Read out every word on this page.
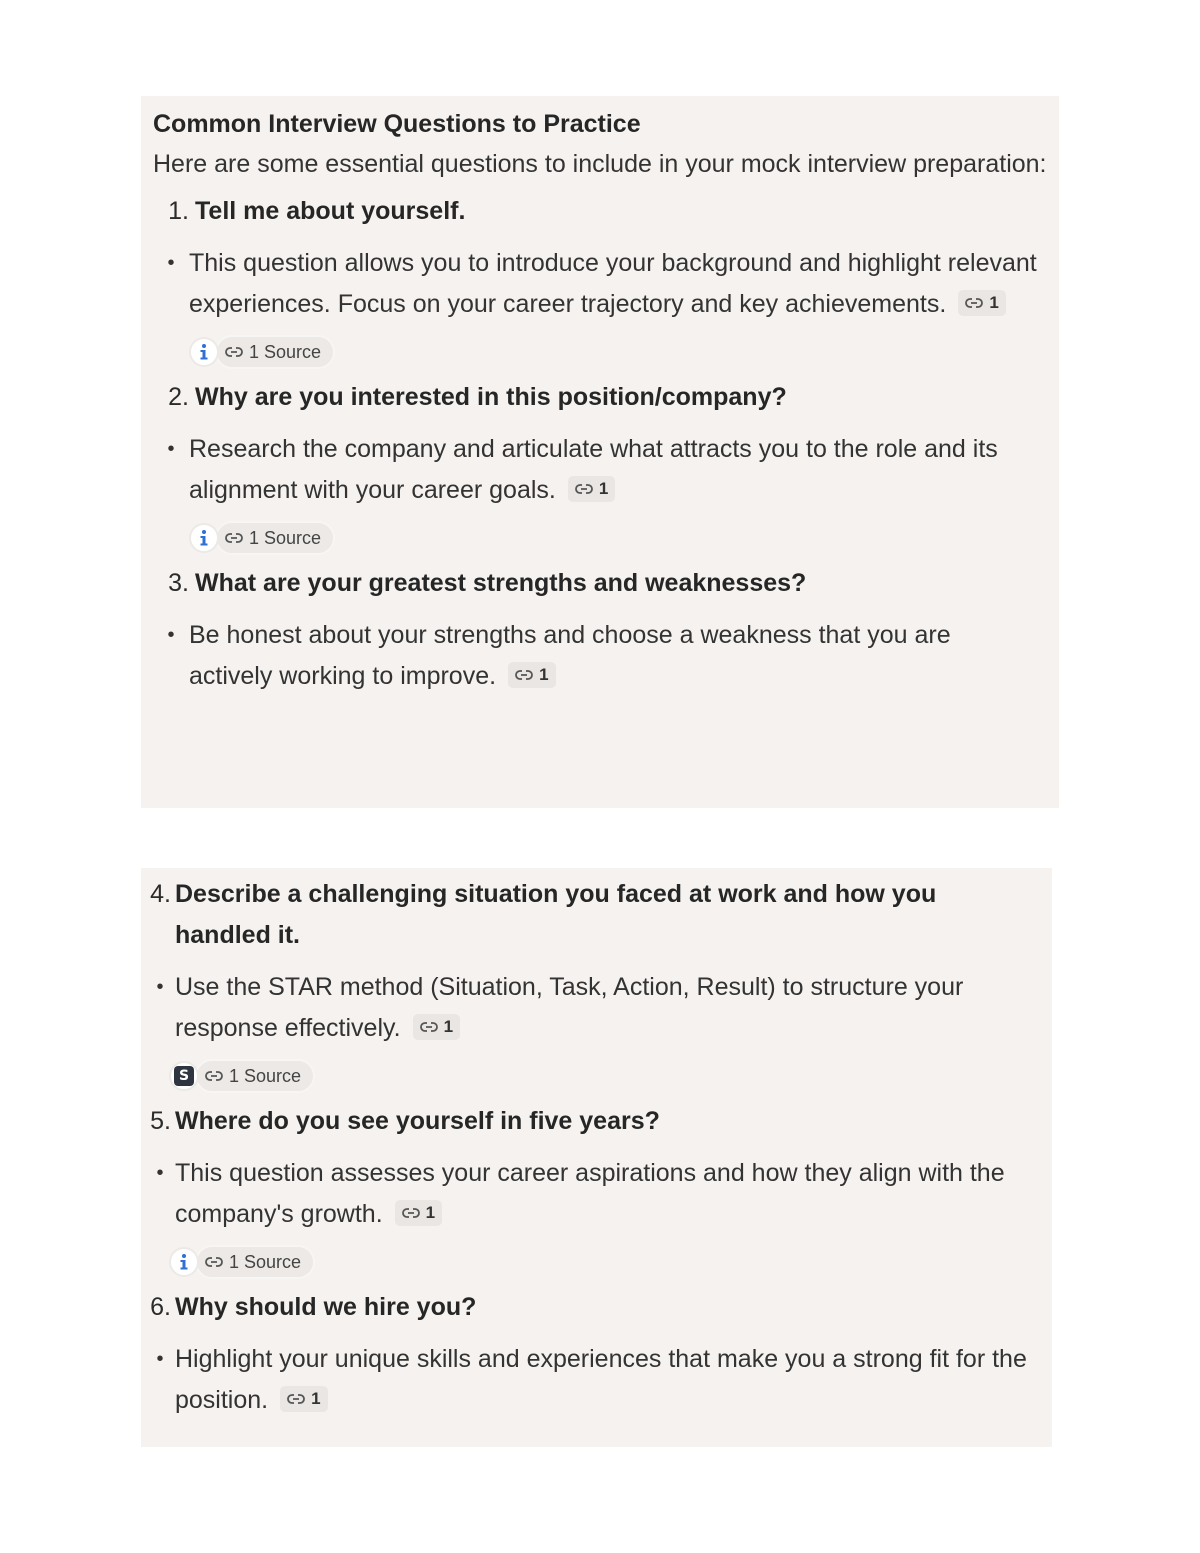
Common Interview Questions to Practice

Here are some essential questions to include in your mock interview preparation:

1. Tell me about yourself.
• This question allows you to introduce your background and highlight relevant experiences. Focus on your career trajectory and key achievements.	1
1 Source
2. Why are you interested in this position/company?
• Research the company and articulate what attracts you to the role and its alignment with your career goals.	1
1 Source
3. What are your greatest strengths and weaknesses?
• Be honest about your strengths and choose a weakness that you are actively working to improve.	1
4. Describe a challenging situation you faced at work and how you handled it.
• Use the STAR method (Situation, Task, Action, Result) to structure your response effectively.	1
S 1 Source
5. Where do you see yourself in five years?
• This question assesses your career aspirations and how they align with the company's growth.	1
1 Source
6. Why should we hire you?
• Highlight your unique skills and experiences that make you a strong fit for the position.	1
